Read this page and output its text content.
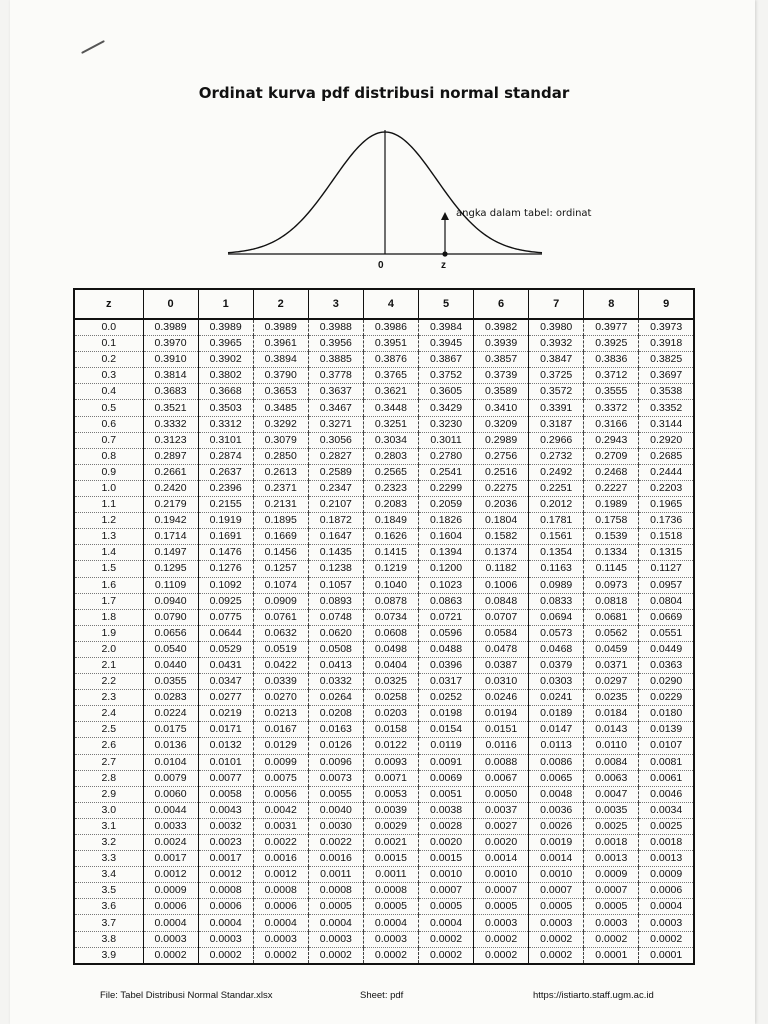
Ordinat kurva pdf distribusi normal standar
angka dalam tabel: ordinat
0	z
z	0	1	2	3	4	5	6	7	8	9
0.0	0.3989	0.3989	0.3989	0.3988	0.3986	0.3984	0.3982	0.3980	0.3977	0.3973
0.1	0.3970	0.3965	0.3961	0.3956	0.3951	0.3945	0.3939	0.3932	0.3925	0.3918
0.2	0.3910	0.3902	0.3894	0.3885	0.3876	0.3867	0.3857	0.3847	0.3836	0.3825
0.3	0.3814	0.3802	0.3790	0.3778	0.3765	0.3752	0.3739	0.3725	0.3712	0.3697
0.4	0.3683	0.3668	0.3653	0.3637	0.3621	0.3605	0.3589	0.3572	0.3555	0.3538
0.5	0.3521	0.3503	0.3485	0.3467	0.3448	0.3429	0.3410	0.3391	0.3372	0.3352
0.6	0.3332	0.3312	0.3292	0.3271	0.3251	0.3230	0.3209	0.3187	0.3166	0.3144
0.7	0.3123	0.3101	0.3079	0.3056	0.3034	0.3011	0.2989	0.2966	0.2943	0.2920
0.8	0.2897	0.2874	0.2850	0.2827	0.2803	0.2780	0.2756	0.2732	0.2709	0.2685
0.9	0.2661	0.2637	0.2613	0.2589	0.2565	0.2541	0.2516	0.2492	0.2468	0.2444
1.0	0.2420	0.2396	0.2371	0.2347	0.2323	0.2299	0.2275	0.2251	0.2227	0.2203
1.1	0.2179	0.2155	0.2131	0.2107	0.2083	0.2059	0.2036	0.2012	0.1989	0.1965
1.2	0.1942	0.1919	0.1895	0.1872	0.1849	0.1826	0.1804	0.1781	0.1758	0.1736
1.3	0.1714	0.1691	0.1669	0.1647	0.1626	0.1604	0.1582	0.1561	0.1539	0.1518
1.4	0.1497	0.1476	0.1456	0.1435	0.1415	0.1394	0.1374	0.1354	0.1334	0.1315
1.5	0.1295	0.1276	0.1257	0.1238	0.1219	0.1200	0.1182	0.1163	0.1145	0.1127
1.6	0.1109	0.1092	0.1074	0.1057	0.1040	0.1023	0.1006	0.0989	0.0973	0.0957
1.7	0.0940	0.0925	0.0909	0.0893	0.0878	0.0863	0.0848	0.0833	0.0818	0.0804
1.8	0.0790	0.0775	0.0761	0.0748	0.0734	0.0721	0.0707	0.0694	0.0681	0.0669
1.9	0.0656	0.0644	0.0632	0.0620	0.0608	0.0596	0.0584	0.0573	0.0562	0.0551
2.0	0.0540	0.0529	0.0519	0.0508	0.0498	0.0488	0.0478	0.0468	0.0459	0.0449
2.1	0.0440	0.0431	0.0422	0.0413	0.0404	0.0396	0.0387	0.0379	0.0371	0.0363
2.2	0.0355	0.0347	0.0339	0.0332	0.0325	0.0317	0.0310	0.0303	0.0297	0.0290
2.3	0.0283	0.0277	0.0270	0.0264	0.0258	0.0252	0.0246	0.0241	0.0235	0.0229
2.4	0.0224	0.0219	0.0213	0.0208	0.0203	0.0198	0.0194	0.0189	0.0184	0.0180
2.5	0.0175	0.0171	0.0167	0.0163	0.0158	0.0154	0.0151	0.0147	0.0143	0.0139
2.6	0.0136	0.0132	0.0129	0.0126	0.0122	0.0119	0.0116	0.0113	0.0110	0.0107
2.7	0.0104	0.0101	0.0099	0.0096	0.0093	0.0091	0.0088	0.0086	0.0084	0.0081
2.8	0.0079	0.0077	0.0075	0.0073	0.0071	0.0069	0.0067	0.0065	0.0063	0.0061
2.9	0.0060	0.0058	0.0056	0.0055	0.0053	0.0051	0.0050	0.0048	0.0047	0.0046
3.0	0.0044	0.0043	0.0042	0.0040	0.0039	0.0038	0.0037	0.0036	0.0035	0.0034
3.1	0.0033	0.0032	0.0031	0.0030	0.0029	0.0028	0.0027	0.0026	0.0025	0.0025
3.2	0.0024	0.0023	0.0022	0.0022	0.0021	0.0020	0.0020	0.0019	0.0018	0.0018
3.3	0.0017	0.0017	0.0016	0.0016	0.0015	0.0015	0.0014	0.0014	0.0013	0.0013
3.4	0.0012	0.0012	0.0012	0.0011	0.0011	0.0010	0.0010	0.0010	0.0009	0.0009
3.5	0.0009	0.0008	0.0008	0.0008	0.0008	0.0007	0.0007	0.0007	0.0007	0.0006
3.6	0.0006	0.0006	0.0006	0.0005	0.0005	0.0005	0.0005	0.0005	0.0005	0.0004
3.7	0.0004	0.0004	0.0004	0.0004	0.0004	0.0004	0.0003	0.0003	0.0003	0.0003
3.8	0.0003	0.0003	0.0003	0.0003	0.0003	0.0002	0.0002	0.0002	0.0002	0.0002
3.9	0.0002	0.0002	0.0002	0.0002	0.0002	0.0002	0.0002	0.0002	0.0001	0.0001
File: Tabel Distribusi Normal Standar.xlsx	Sheet: pdf	https://istiarto.staff.ugm.ac.id
